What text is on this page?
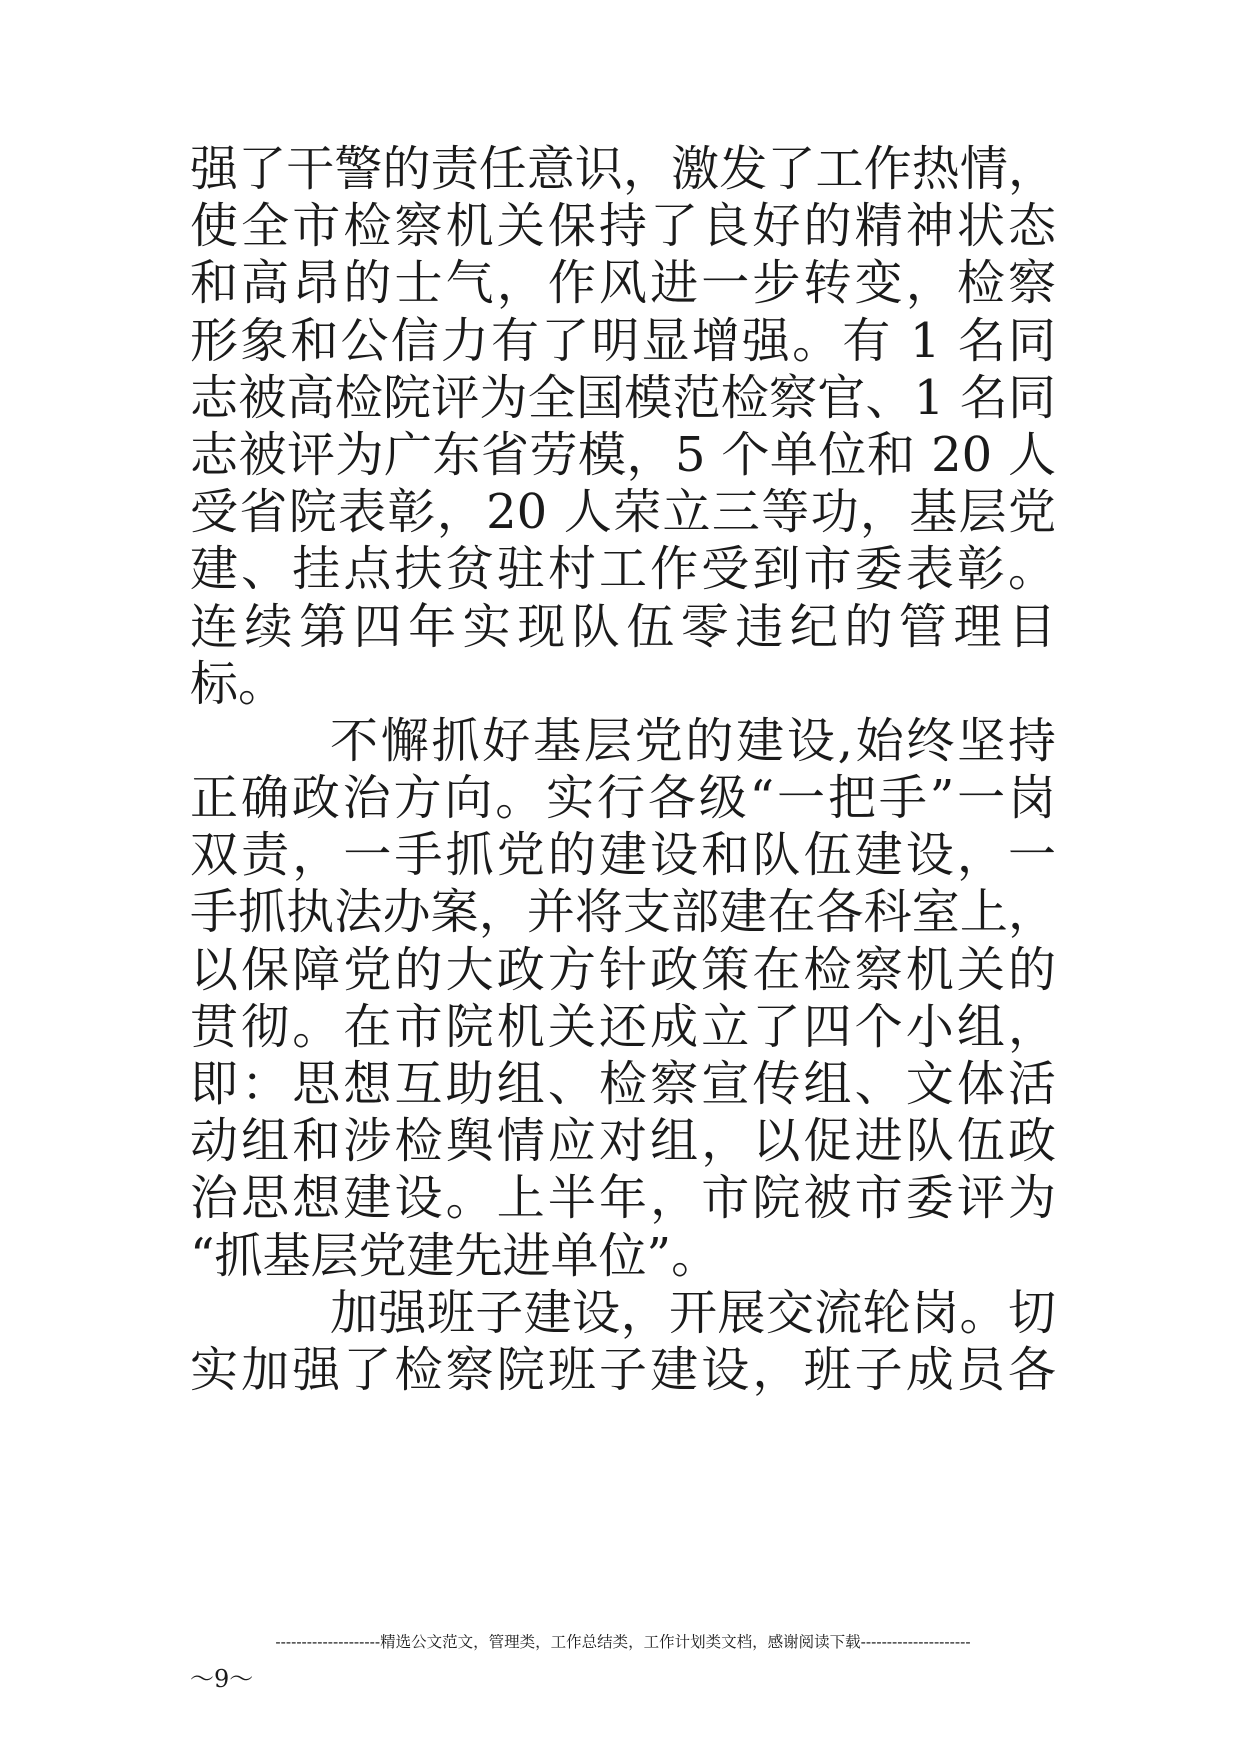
强了干警的责任意识，激发了工作热情，
使全市检察机关保持了良好的精神状态
和高昂的士气，作风进一步转变，检察
形象和公信力有了明显增强。有 1 名同
志被高检院评为全国模范检察官、1 名同
志被评为广东省劳模，5 个单位和 20 人
受省院表彰，20 人荣立三等功，基层党
建、挂点扶贫驻村工作受到市委表彰。
连续第四年实现队伍零违纪的管理目
标。
不懈抓好基层党的建设,始终坚持
正确政治方向。实行各级“一把手”一岗
双责，一手抓党的建设和队伍建设，一
手抓执法办案，并将支部建在各科室上，
以保障党的大政方针政策在检察机关的
贯彻。在市院机关还成立了四个小组，
即：思想互助组、检察宣传组、文体活
动组和涉检舆情应对组，以促进队伍政
治思想建设。上半年，市院被市委评为
“抓基层党建先进单位”。
加强班子建设，开展交流轮岗。切
实加强了检察院班子建设，班子成员各
--------------------精选公文范文，管理类，工作总结类，工作计划类文档，感谢阅读下载---------------------
～9～
